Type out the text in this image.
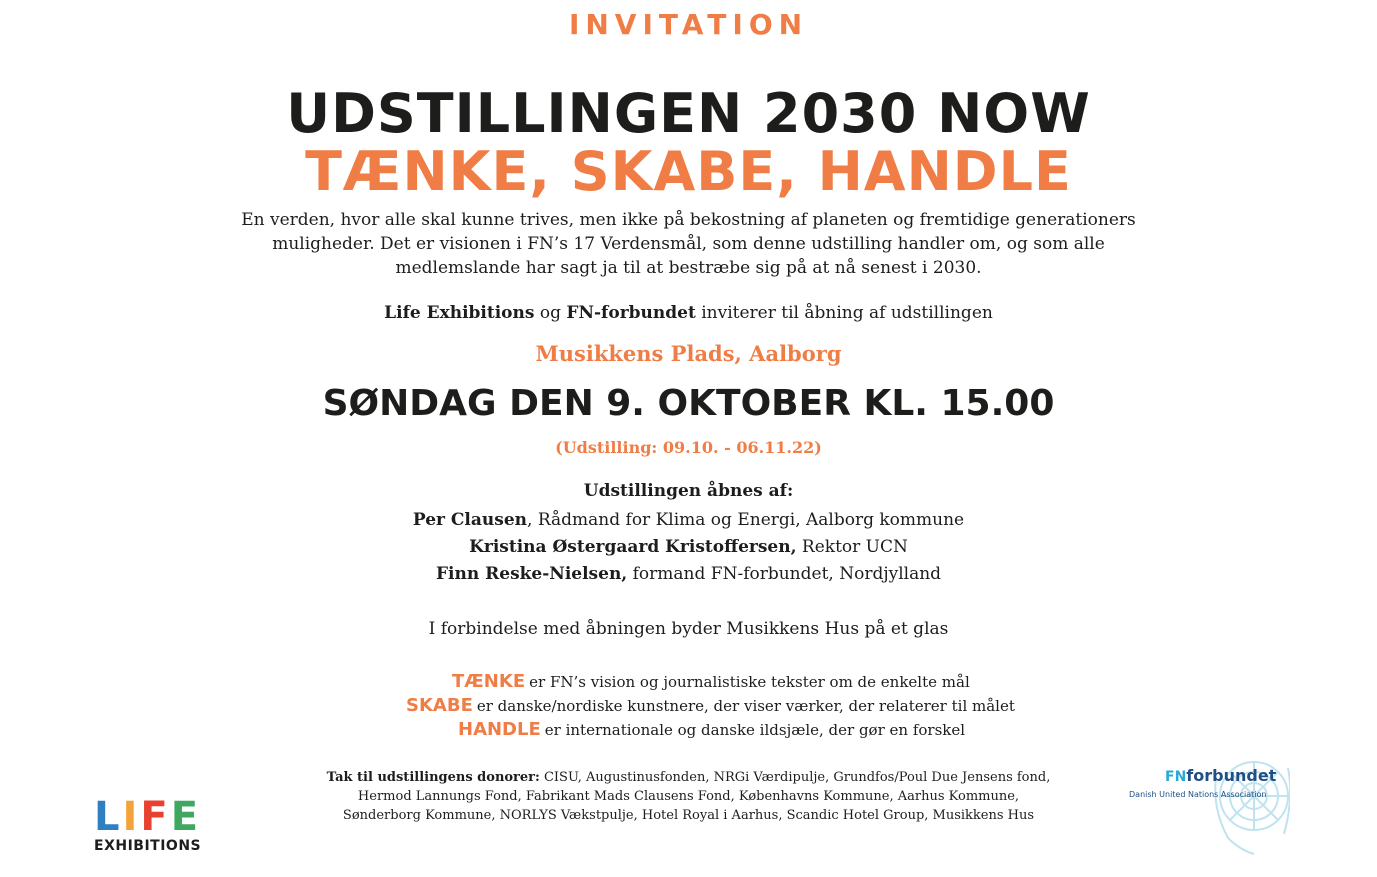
INVITATION
UDSTILLINGEN 2030 NOW
TÆNKE, SKABE, HANDLE
En verden, hvor alle skal kunne trives, men ikke på bekostning af planeten og fremtidige generationers
muligheder. Det er visionen i FN’s 17 Verdensmål, som denne udstilling handler om, og som alle
medlemslande har sagt ja til at bestræbe sig på at nå senest i 2030.
Life Exhibitions og FN-forbundet inviterer til åbning af udstillingen
Musikkens Plads, Aalborg
SØNDAG DEN 9. OKTOBER KL. 15.00
(Udstilling: 09.10. - 06.11.22)
Udstillingen åbnes af:
Per Clausen, Rådmand for Klima og Energi, Aalborg kommune
Kristina Østergaard Kristoffersen, Rektor UCN
Finn Reske-Nielsen, formand FN-forbundet, Nordjylland
I forbindelse med åbningen byder Musikkens Hus på et glas
TÆNKE er FN’s vision og journalistiske tekster om de enkelte mål
SKABE er danske/nordiske kunstnere, der viser værker, der relaterer til målet
HANDLE er internationale og danske ildsjæle, der gør en forskel
Tak til udstillingens donorer: CISU, Augustinusfonden, NRGi Værdipulje, Grundfos/Poul Due Jensens fond,
Hermod Lannungs Fond, Fabrikant Mads Clausens Fond, Københavns Kommune, Aarhus Kommune,
Sønderborg Kommune, NORLYS Vækstpulje, Hotel Royal i Aarhus, Scandic Hotel Group, Musikkens Hus
L I F E
EXHIBITIONS
FNforbundet
Danish United Nations Association
